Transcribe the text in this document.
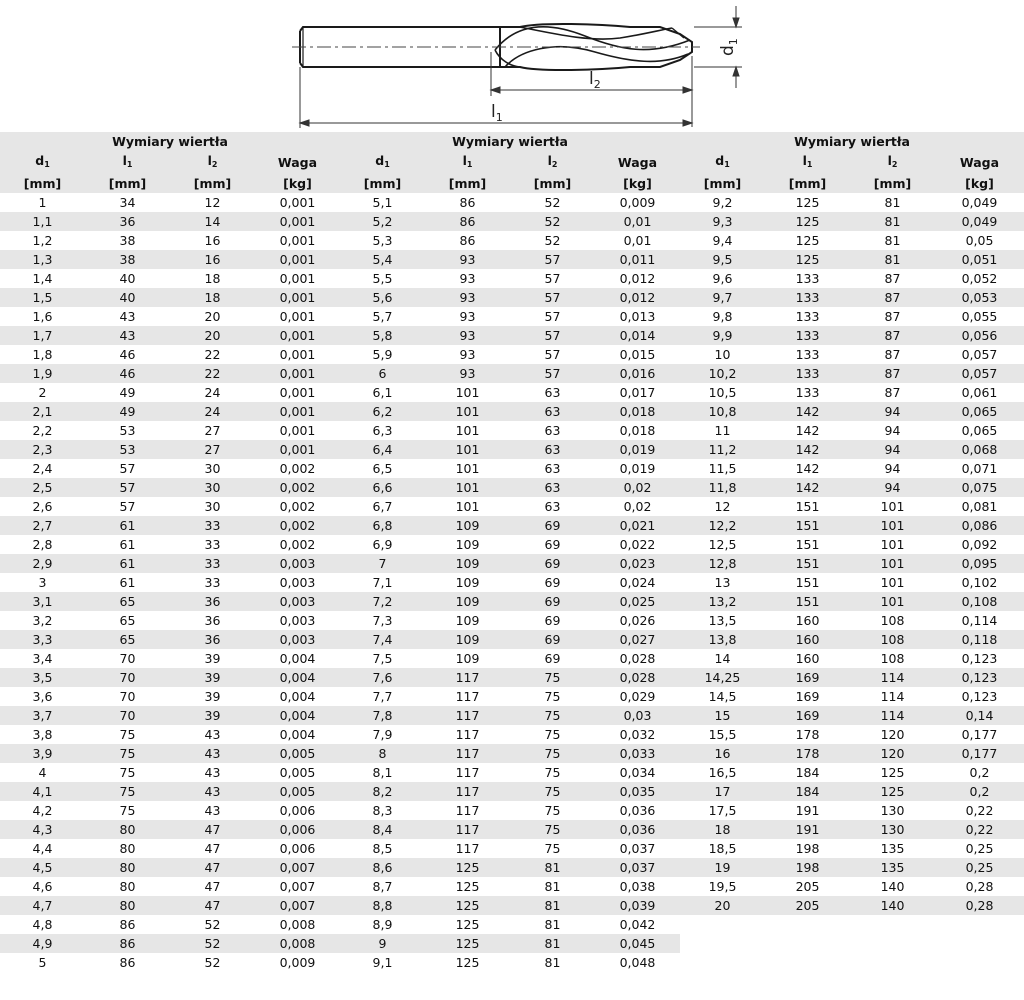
$d_1$
$l_2$
$l_1$
Wymiary wiertła				Wymiary wiertła				Wymiary wiertła			
$d_1$	$l_1$	$l_2$	Waga	$d_1$	$l_1$	$l_2$	Waga	$d_1$	$l_1$	$l_2$	Waga
[mm]	[mm]	[mm]	[kg]	[mm]	[mm]	[mm]	[kg]	[mm]	[mm]	[mm]	[kg]
1	34	12	0,001	5,1	86	52	0,009	9,2	125	81	0,049
1,1	36	14	0,001	5,2	86	52	0,01	9,3	125	81	0,049
1,2	38	16	0,001	5,3	86	52	0,01	9,4	125	81	0,05
1,3	38	16	0,001	5,4	93	57	0,011	9,5	125	81	0,051
1,4	40	18	0,001	5,5	93	57	0,012	9,6	133	87	0,052
1,5	40	18	0,001	5,6	93	57	0,012	9,7	133	87	0,053
1,6	43	20	0,001	5,7	93	57	0,013	9,8	133	87	0,055
1,7	43	20	0,001	5,8	93	57	0,014	9,9	133	87	0,056
1,8	46	22	0,001	5,9	93	57	0,015	10	133	87	0,057
1,9	46	22	0,001	6	93	57	0,016	10,2	133	87	0,057
2	49	24	0,001	6,1	101	63	0,017	10,5	133	87	0,061
2,1	49	24	0,001	6,2	101	63	0,018	10,8	142	94	0,065
2,2	53	27	0,001	6,3	101	63	0,018	11	142	94	0,065
2,3	53	27	0,001	6,4	101	63	0,019	11,2	142	94	0,068
2,4	57	30	0,002	6,5	101	63	0,019	11,5	142	94	0,071
2,5	57	30	0,002	6,6	101	63	0,02	11,8	142	94	0,075
2,6	57	30	0,002	6,7	101	63	0,02	12	151	101	0,081
2,7	61	33	0,002	6,8	109	69	0,021	12,2	151	101	0,086
2,8	61	33	0,002	6,9	109	69	0,022	12,5	151	101	0,092
2,9	61	33	0,003	7	109	69	0,023	12,8	151	101	0,095
3	61	33	0,003	7,1	109	69	0,024	13	151	101	0,102
3,1	65	36	0,003	7,2	109	69	0,025	13,2	151	101	0,108
3,2	65	36	0,003	7,3	109	69	0,026	13,5	160	108	0,114
3,3	65	36	0,003	7,4	109	69	0,027	13,8	160	108	0,118
3,4	70	39	0,004	7,5	109	69	0,028	14	160	108	0,123
3,5	70	39	0,004	7,6	117	75	0,028	14,25	169	114	0,123
3,6	70	39	0,004	7,7	117	75	0,029	14,5	169	114	0,123
3,7	70	39	0,004	7,8	117	75	0,03	15	169	114	0,14
3,8	75	43	0,004	7,9	117	75	0,032	15,5	178	120	0,177
3,9	75	43	0,005	8	117	75	0,033	16	178	120	0,177
4	75	43	0,005	8,1	117	75	0,034	16,5	184	125	0,2
4,1	75	43	0,005	8,2	117	75	0,035	17	184	125	0,2
4,2	75	43	0,006	8,3	117	75	0,036	17,5	191	130	0,22
4,3	80	47	0,006	8,4	117	75	0,036	18	191	130	0,22
4,4	80	47	0,006	8,5	117	75	0,037	18,5	198	135	0,25
4,5	80	47	0,007	8,6	125	81	0,037	19	198	135	0,25
4,6	80	47	0,007	8,7	125	81	0,038	19,5	205	140	0,28
4,7	80	47	0,007	8,8	125	81	0,039	20	205	140	0,28
4,8	86	52	0,008	8,9	125	81	0,042				
4,9	86	52	0,008	9	125	81	0,045				
5	86	52	0,009	9,1	125	81	0,048				
